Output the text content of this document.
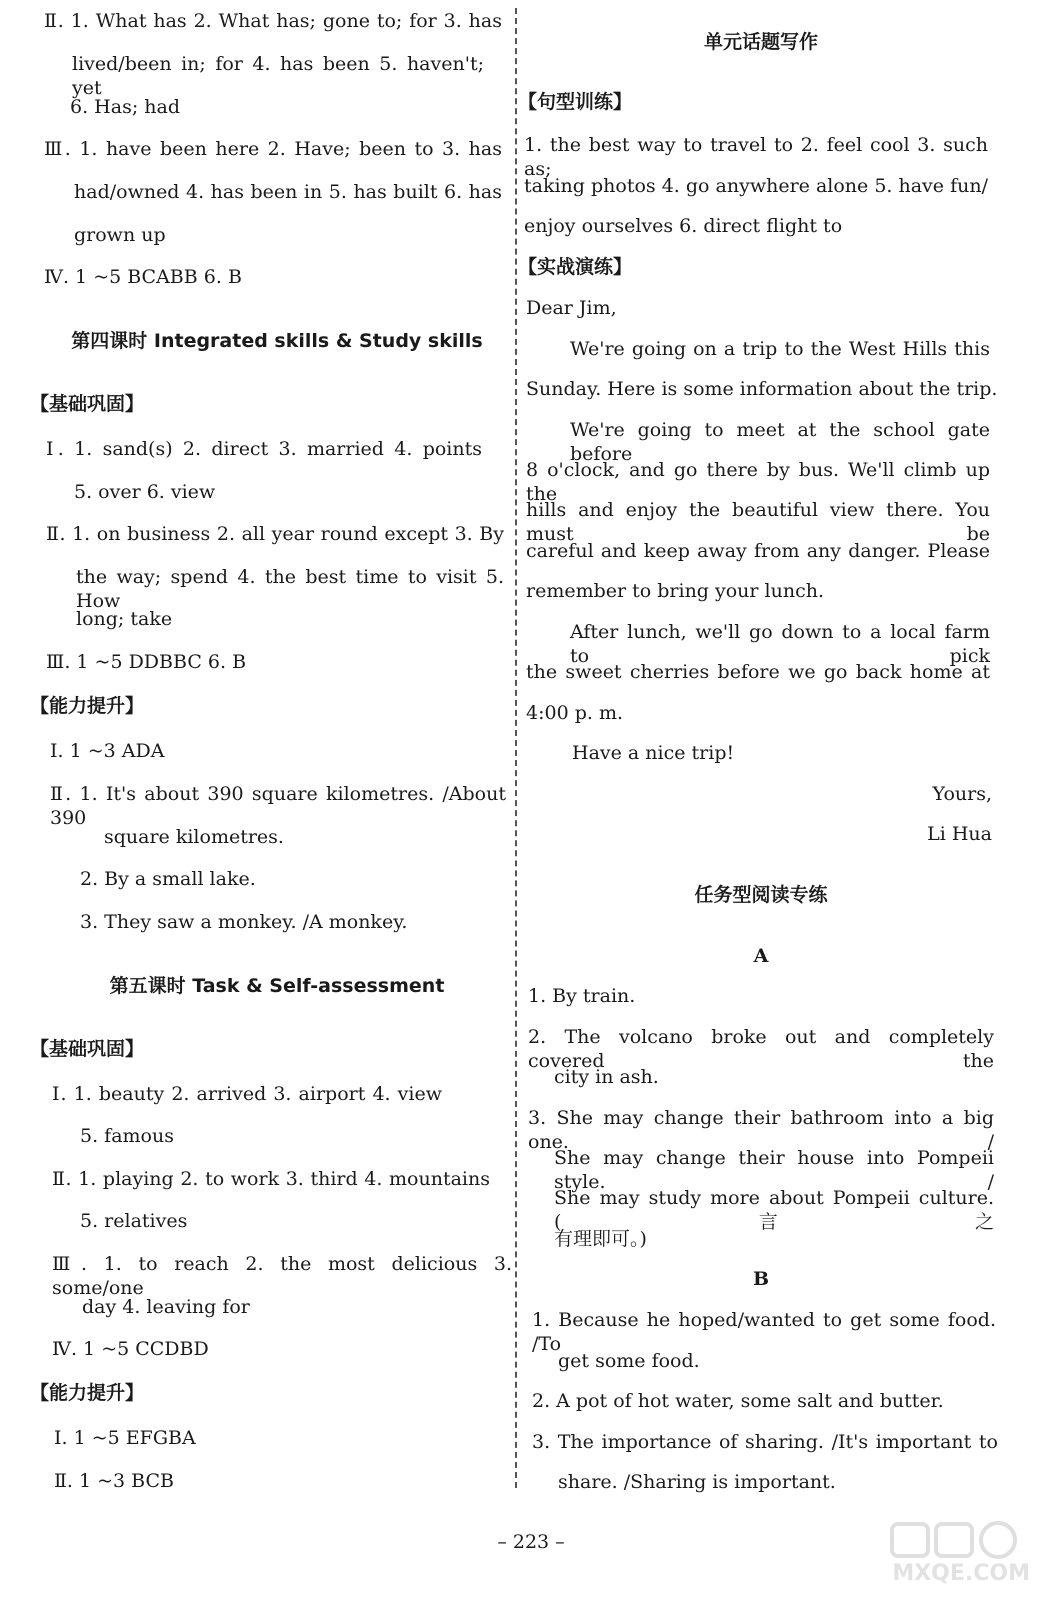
Ⅱ. 1. What has 2. What has; gone to; for 3. has
lived/been in; for 4. has been 5. haven't; yet
6. Has; had
Ⅲ. 1. have been here 2. Have; been to 3. has
had/owned 4. has been in 5. has built 6. has
grown up
Ⅳ. 1 ~5 BCABB 6. B
第四课时 Integrated skills & Study skills
【基础巩固】
Ⅰ. 1. sand(s) 2. direct 3. married 4. points
5. over 6. view
Ⅱ. 1. on business 2. all year round except 3. By
the way; spend 4. the best time to visit 5. How
long; take
Ⅲ. 1 ~5 DDBBC 6. B
【能力提升】
Ⅰ. 1 ~3 ADA
Ⅱ. 1. It's about 390 square kilometres. /About 390
square kilometres.
2. By a small lake.
3. They saw a monkey. /A monkey.
第五课时 Task & Self-assessment
【基础巩固】
Ⅰ. 1. beauty 2. arrived 3. airport 4. view
5. famous
Ⅱ. 1. playing 2. to work 3. third 4. mountains
5. relatives
Ⅲ. 1. to reach 2. the most delicious 3. some/one
day 4. leaving for
Ⅳ. 1 ~5 CCDBD
【能力提升】
Ⅰ. 1 ~5 EFGBA
Ⅱ. 1 ~3 BCB
单元话题写作
【句型训练】
1. the best way to travel to 2. feel cool 3. such as;
taking photos 4. go anywhere alone 5. have fun/
enjoy ourselves 6. direct flight to
【实战演练】
Dear Jim,
We're going on a trip to the West Hills this
Sunday. Here is some information about the trip.
We're going to meet at the school gate before
8 o'clock, and go there by bus. We'll climb up the
hills and enjoy the beautiful view there. You must be
careful and keep away from any danger. Please
remember to bring your lunch.
After lunch, we'll go down to a local farm to pick
the sweet cherries before we go back home at
4:00 p. m.
Have a nice trip!
Yours,
Li Hua
任务型阅读专练
A
1. By train.
2. The volcano broke out and completely covered the
city in ash.
3. She may change their bathroom into a big one. /
She may change their house into Pompeii style. /
She may study more about Pompeii culture. (言之
有理即可。)
B
1. Because he hoped/wanted to get some food. /To
get some food.
2. A pot of hot water, some salt and butter.
3. The importance of sharing. /It's important to
share. /Sharing is important.
– 223 –
MXQE.COM
